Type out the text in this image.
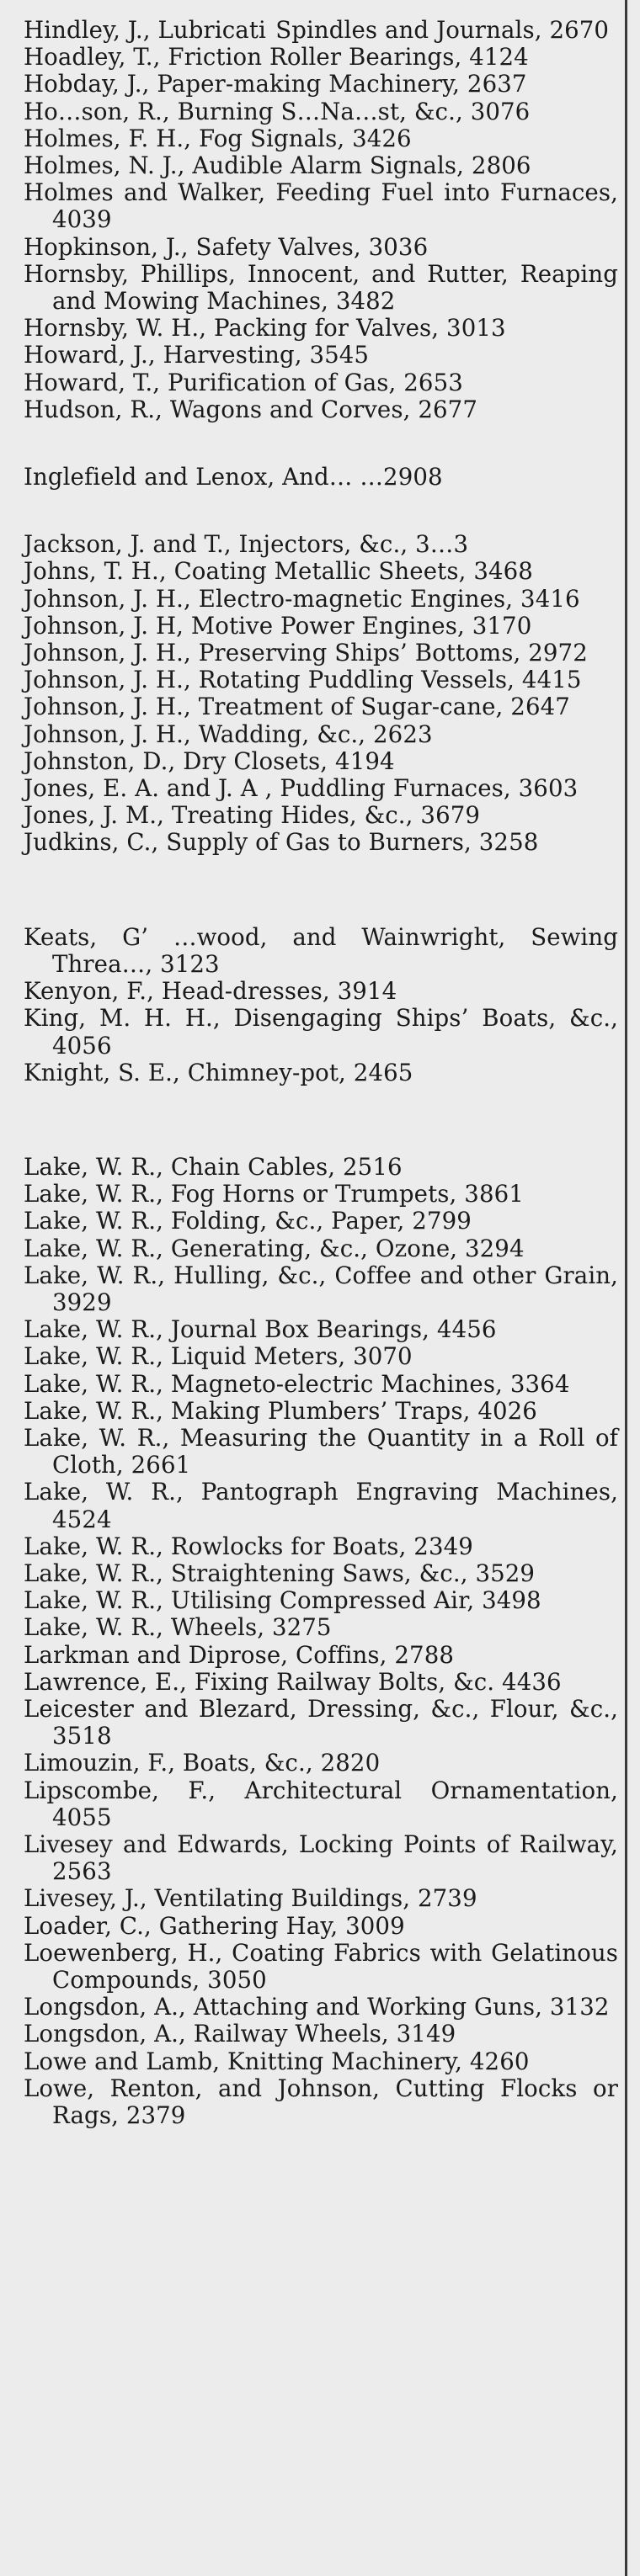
Hindley, J., Lubricati  Spindles and Journals, 2670
Hoadley, T., Friction Roller Bearings, 4124
Hobday, J., Paper-making Machinery, 2637
Ho…son, R., Burning S…Na…st, &c., 3076
Holmes, F. H., Fog Signals, 3426
Holmes, N. J., Audible Alarm Signals, 2806
Holmes and Walker, Feeding Fuel into Furnaces, 4039
Hopkinson, J., Safety Valves, 3036
Hornsby, Phillips, Innocent, and Rutter, Reaping and Mowing Machines, 3482
Hornsby, W. H., Packing for Valves, 3013
Howard, J., Harvesting, 3545
Howard, T., Purification of Gas, 2653
Hudson, R., Wagons and Corves, 2677
Inglefield and Lenox, And… …2908
Jackson, J. and T., Injectors, &c., 3…3
Johns, T. H., Coating Metallic Sheets, 3468
Johnson, J. H., Electro-magnetic Engines, 3416
Johnson, J. H, Motive Power Engines, 3170
Johnson, J. H., Preserving Ships’ Bottoms, 2972
Johnson, J. H., Rotating Puddling Vessels, 4415
Johnson, J. H., Treatment of Sugar-cane, 2647
Johnson, J. H., Wadding, &c., 2623
Johnston, D., Dry Closets, 4194
Jones, E. A. and J. A , Puddling Furnaces, 3603
Jones, J. M., Treating Hides, &c., 3679
Judkins, C., Supply of Gas to Burners, 3258
Keats, G’ …wood, and Wainwright, Sewing Threa…, 3123
Kenyon, F., Head-dresses, 3914
King, M. H. H., Disengaging Ships’ Boats, &c., 4056
Knight, S. E., Chimney-pot, 2465
Lake, W. R., Chain Cables, 2516
Lake, W. R., Fog Horns or Trumpets, 3861
Lake, W. R., Folding, &c., Paper, 2799
Lake, W. R., Generating, &c., Ozone, 3294
Lake, W. R., Hulling, &c., Coffee and other Grain, 3929
Lake, W. R., Journal Box Bearings, 4456
Lake, W. R., Liquid Meters, 3070
Lake, W. R., Magneto-electric Machines, 3364
Lake, W. R., Making Plumbers’ Traps, 4026
Lake, W. R., Measuring the Quantity in a Roll of Cloth, 2661
Lake, W. R., Pantograph Engraving Machines, 4524
Lake, W. R., Rowlocks for Boats, 2349
Lake, W. R., Straightening Saws, &c., 3529
Lake, W. R., Utilising Compressed Air, 3498
Lake, W. R., Wheels, 3275
Larkman and Diprose, Coffins, 2788
Lawrence, E., Fixing Railway Bolts, &c. 4436
Leicester and Blezard, Dressing, &c., Flour, &c., 3518
Limouzin, F., Boats, &c., 2820
Lipscombe, F., Architectural Ornamentation, 4055
Livesey and Edwards, Locking Points of Railway, 2563
Livesey, J., Ventilating Buildings, 2739
Loader, C., Gathering Hay, 3009
Loewenberg, H., Coating Fabrics with Gelatinous Compounds, 3050
Longsdon, A., Attaching and Working Guns, 3132
Longsdon, A., Railway Wheels, 3149
Lowe and Lamb, Knitting Machinery, 4260
Lowe, Renton, and Johnson, Cutting Flocks or Rags, 2379
